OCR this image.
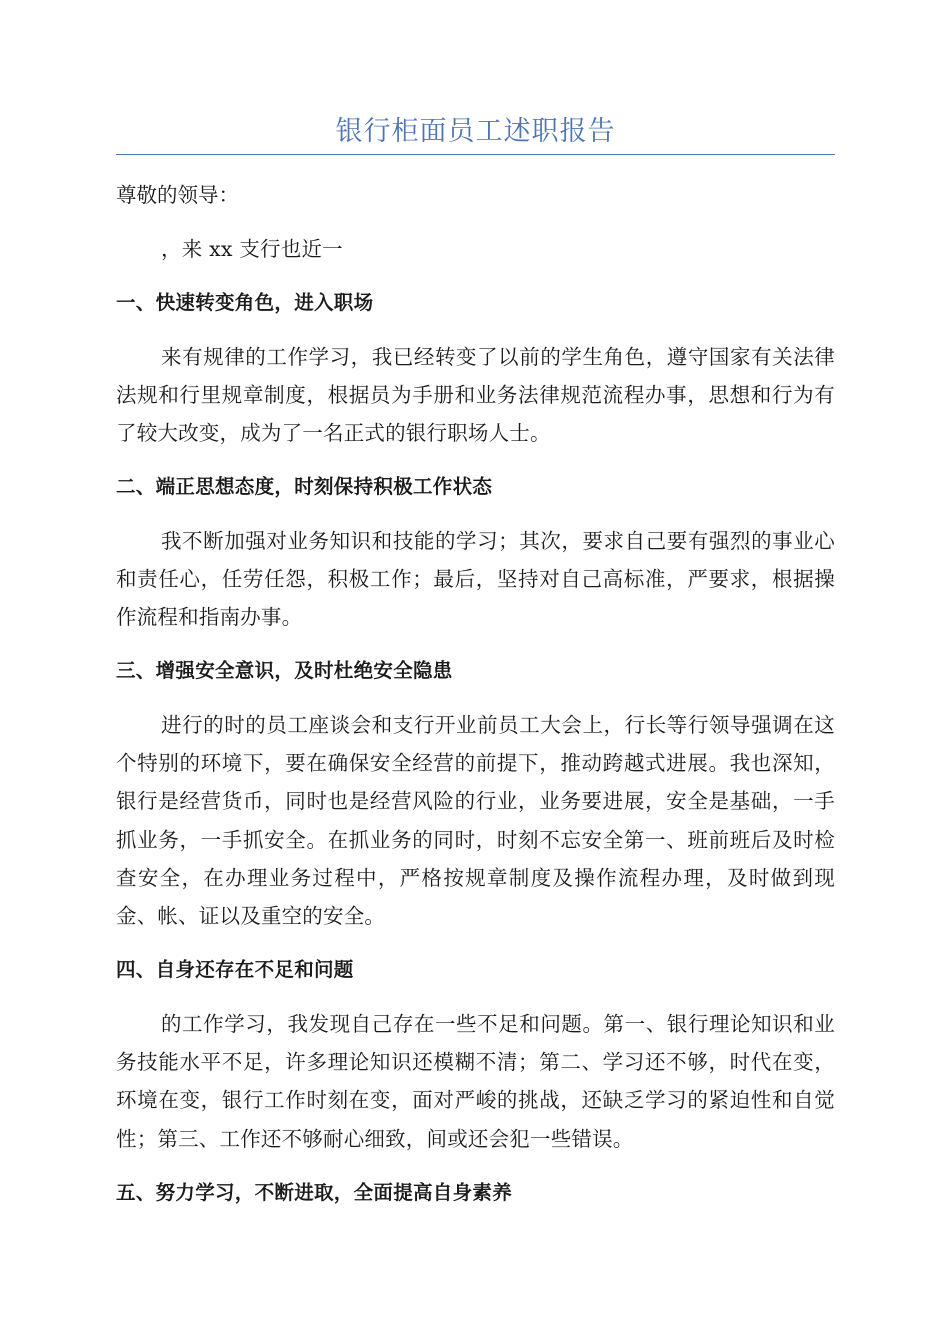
银行柜面员工述职报告

尊敬的领导：

，来 xx 支行也近一

一、快速转变角色，进入职场

来有规律的工作学习，我已经转变了以前的学生角色，遵守国家有关法律法规和行里规章制度，根据员为手册和业务法律规范流程办事，思想和行为有了较大改变，成为了一名正式的银行职场人士。

二、端正思想态度，时刻保持积极工作状态

我不断加强对业务知识和技能的学习；其次，要求自己要有强烈的事业心和责任心，任劳任怨，积极工作；最后，坚持对自己高标准，严要求，根据操作流程和指南办事。

三、增强安全意识，及时杜绝安全隐患

进行的时的员工座谈会和支行开业前员工大会上，行长等行领导强调在这个特别的环境下，要在确保安全经营的前提下，推动跨越式进展。我也深知，银行是经营货币，同时也是经营风险的行业，业务要进展，安全是基础，一手抓业务，一手抓安全。在抓业务的同时，时刻不忘安全第一、班前班后及时检查安全，在办理业务过程中，严格按规章制度及操作流程办理，及时做到现金、帐、证以及重空的安全。

四、自身还存在不足和问题

的工作学习，我发现自己存在一些不足和问题。第一、银行理论知识和业务技能水平不足，许多理论知识还模糊不清；第二、学习还不够，时代在变，环境在变，银行工作时刻在变，面对严峻的挑战，还缺乏学习的紧迫性和自觉性；第三、工作还不够耐心细致，间或还会犯一些错误。

五、努力学习，不断进取，全面提高自身素养
